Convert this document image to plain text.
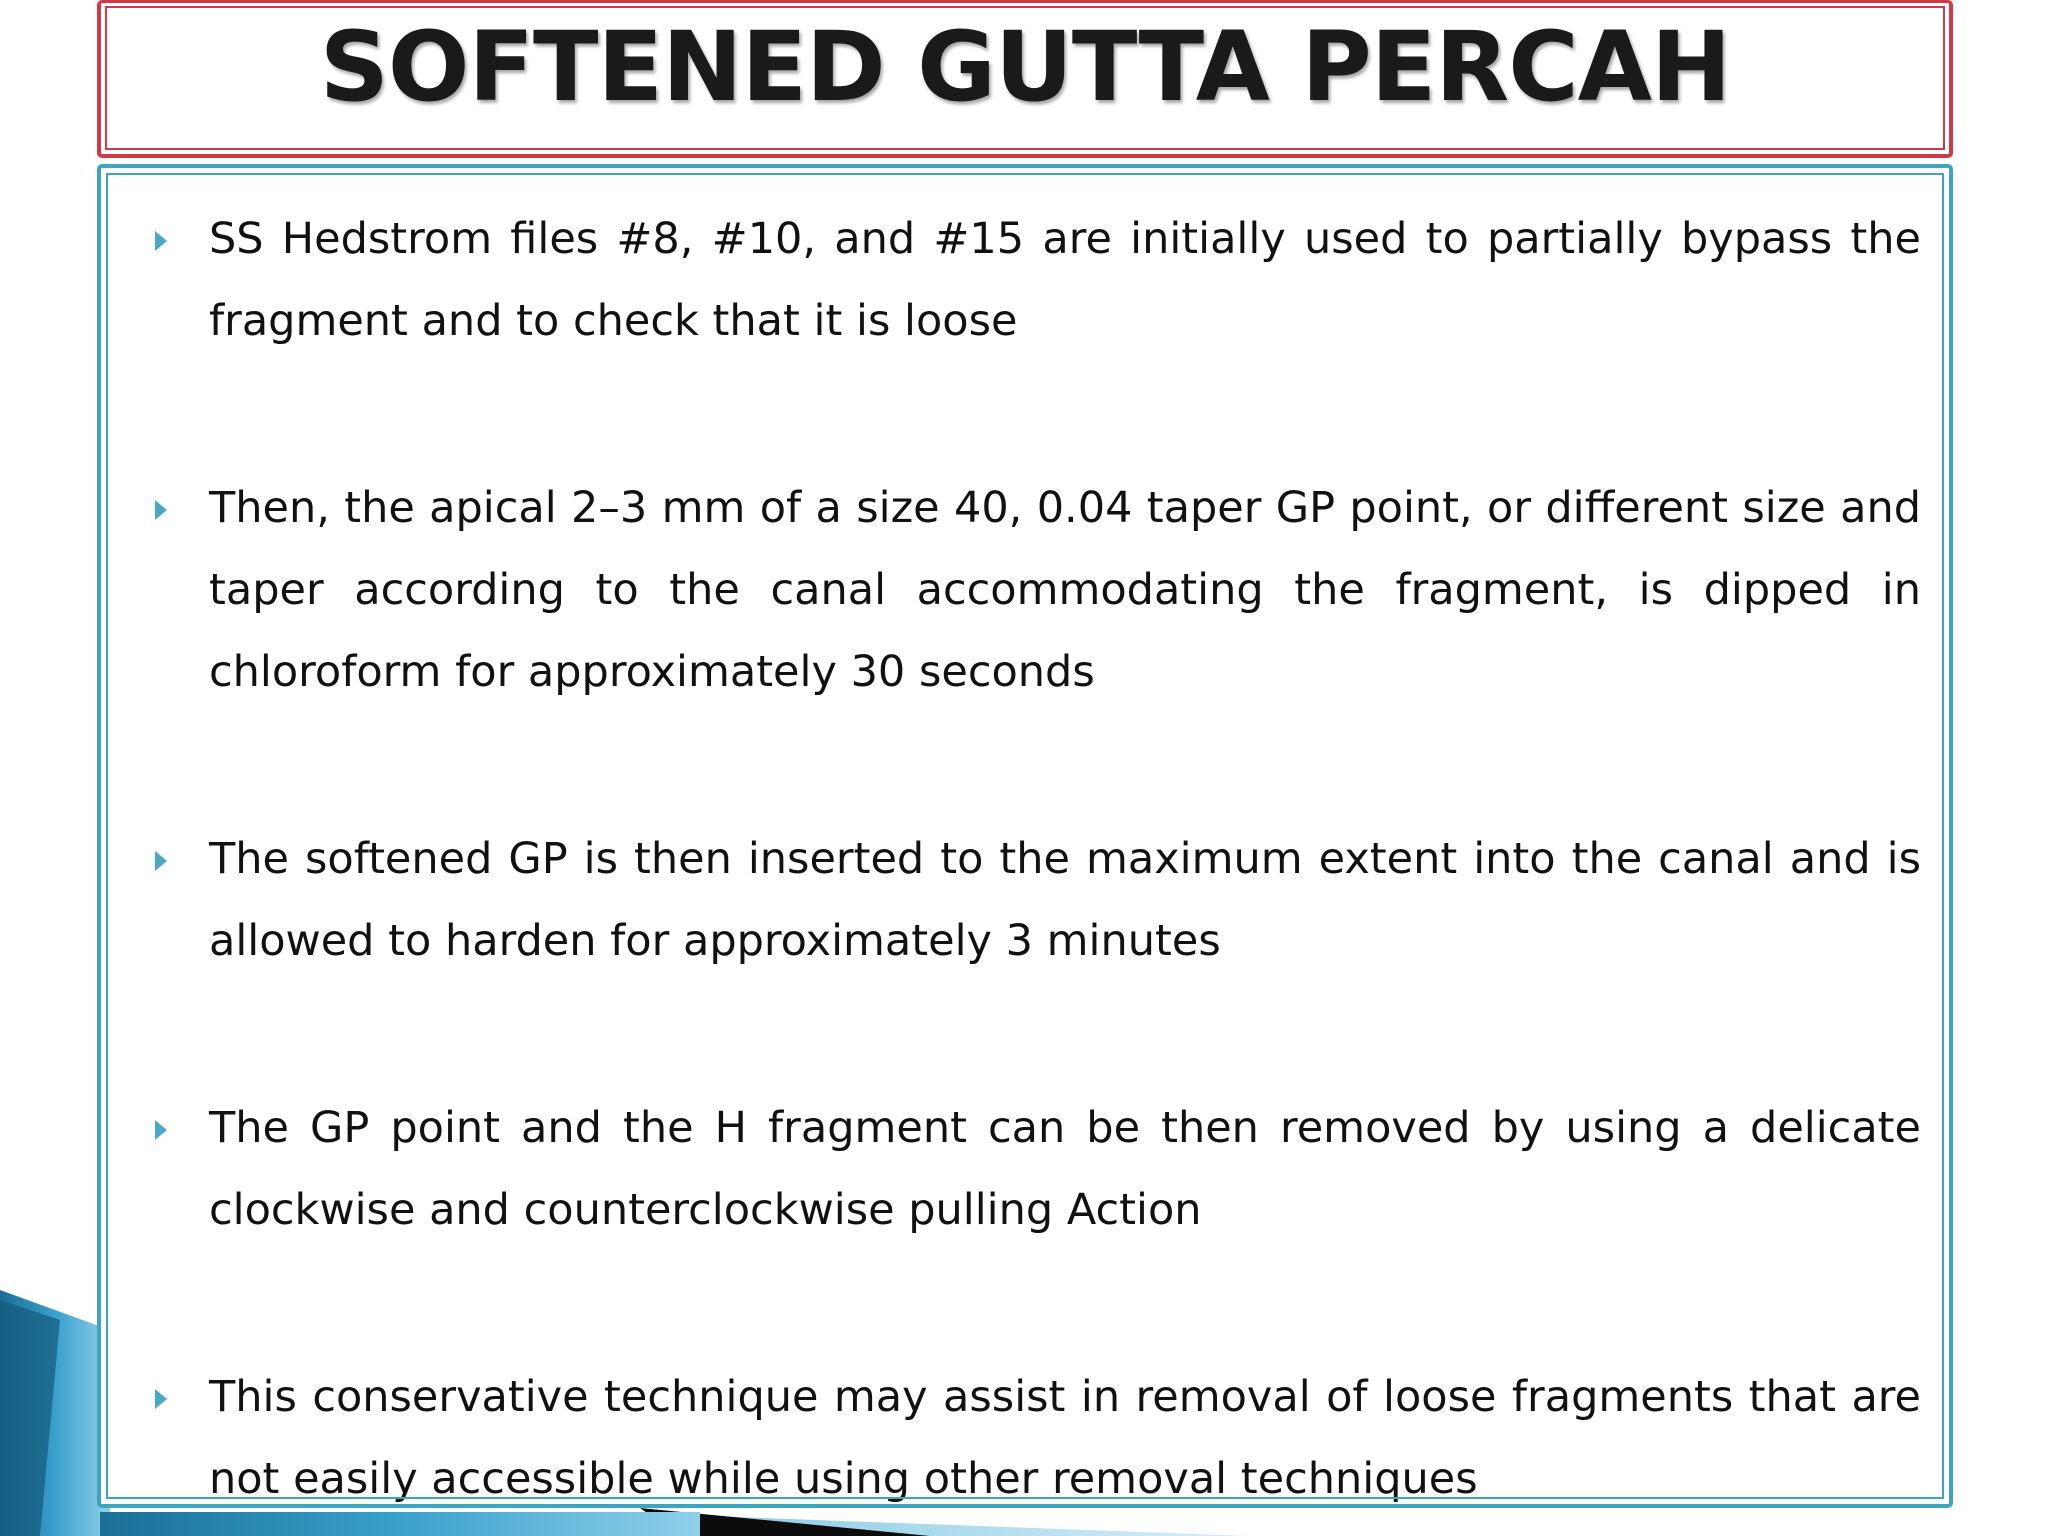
SOFTENED GUTTA PERCAH
SS Hedstrom files #8, #10, and #15 are initially used to partially bypass the fragment and to check that it is loose
Then, the apical 2–3 mm of a size 40, 0.04 taper GP point, or different size and taper according to the canal accommodating the fragment, is dipped in chloroform for approximately 30 seconds
The softened GP is then inserted to the maximum extent into the canal and is allowed to harden for approximately 3 minutes
The GP point and the H fragment can be then removed by using a delicate clockwise and counterclockwise pulling Action
This conservative technique may assist in removal of loose fragments that are not easily accessible while using other removal techniques
